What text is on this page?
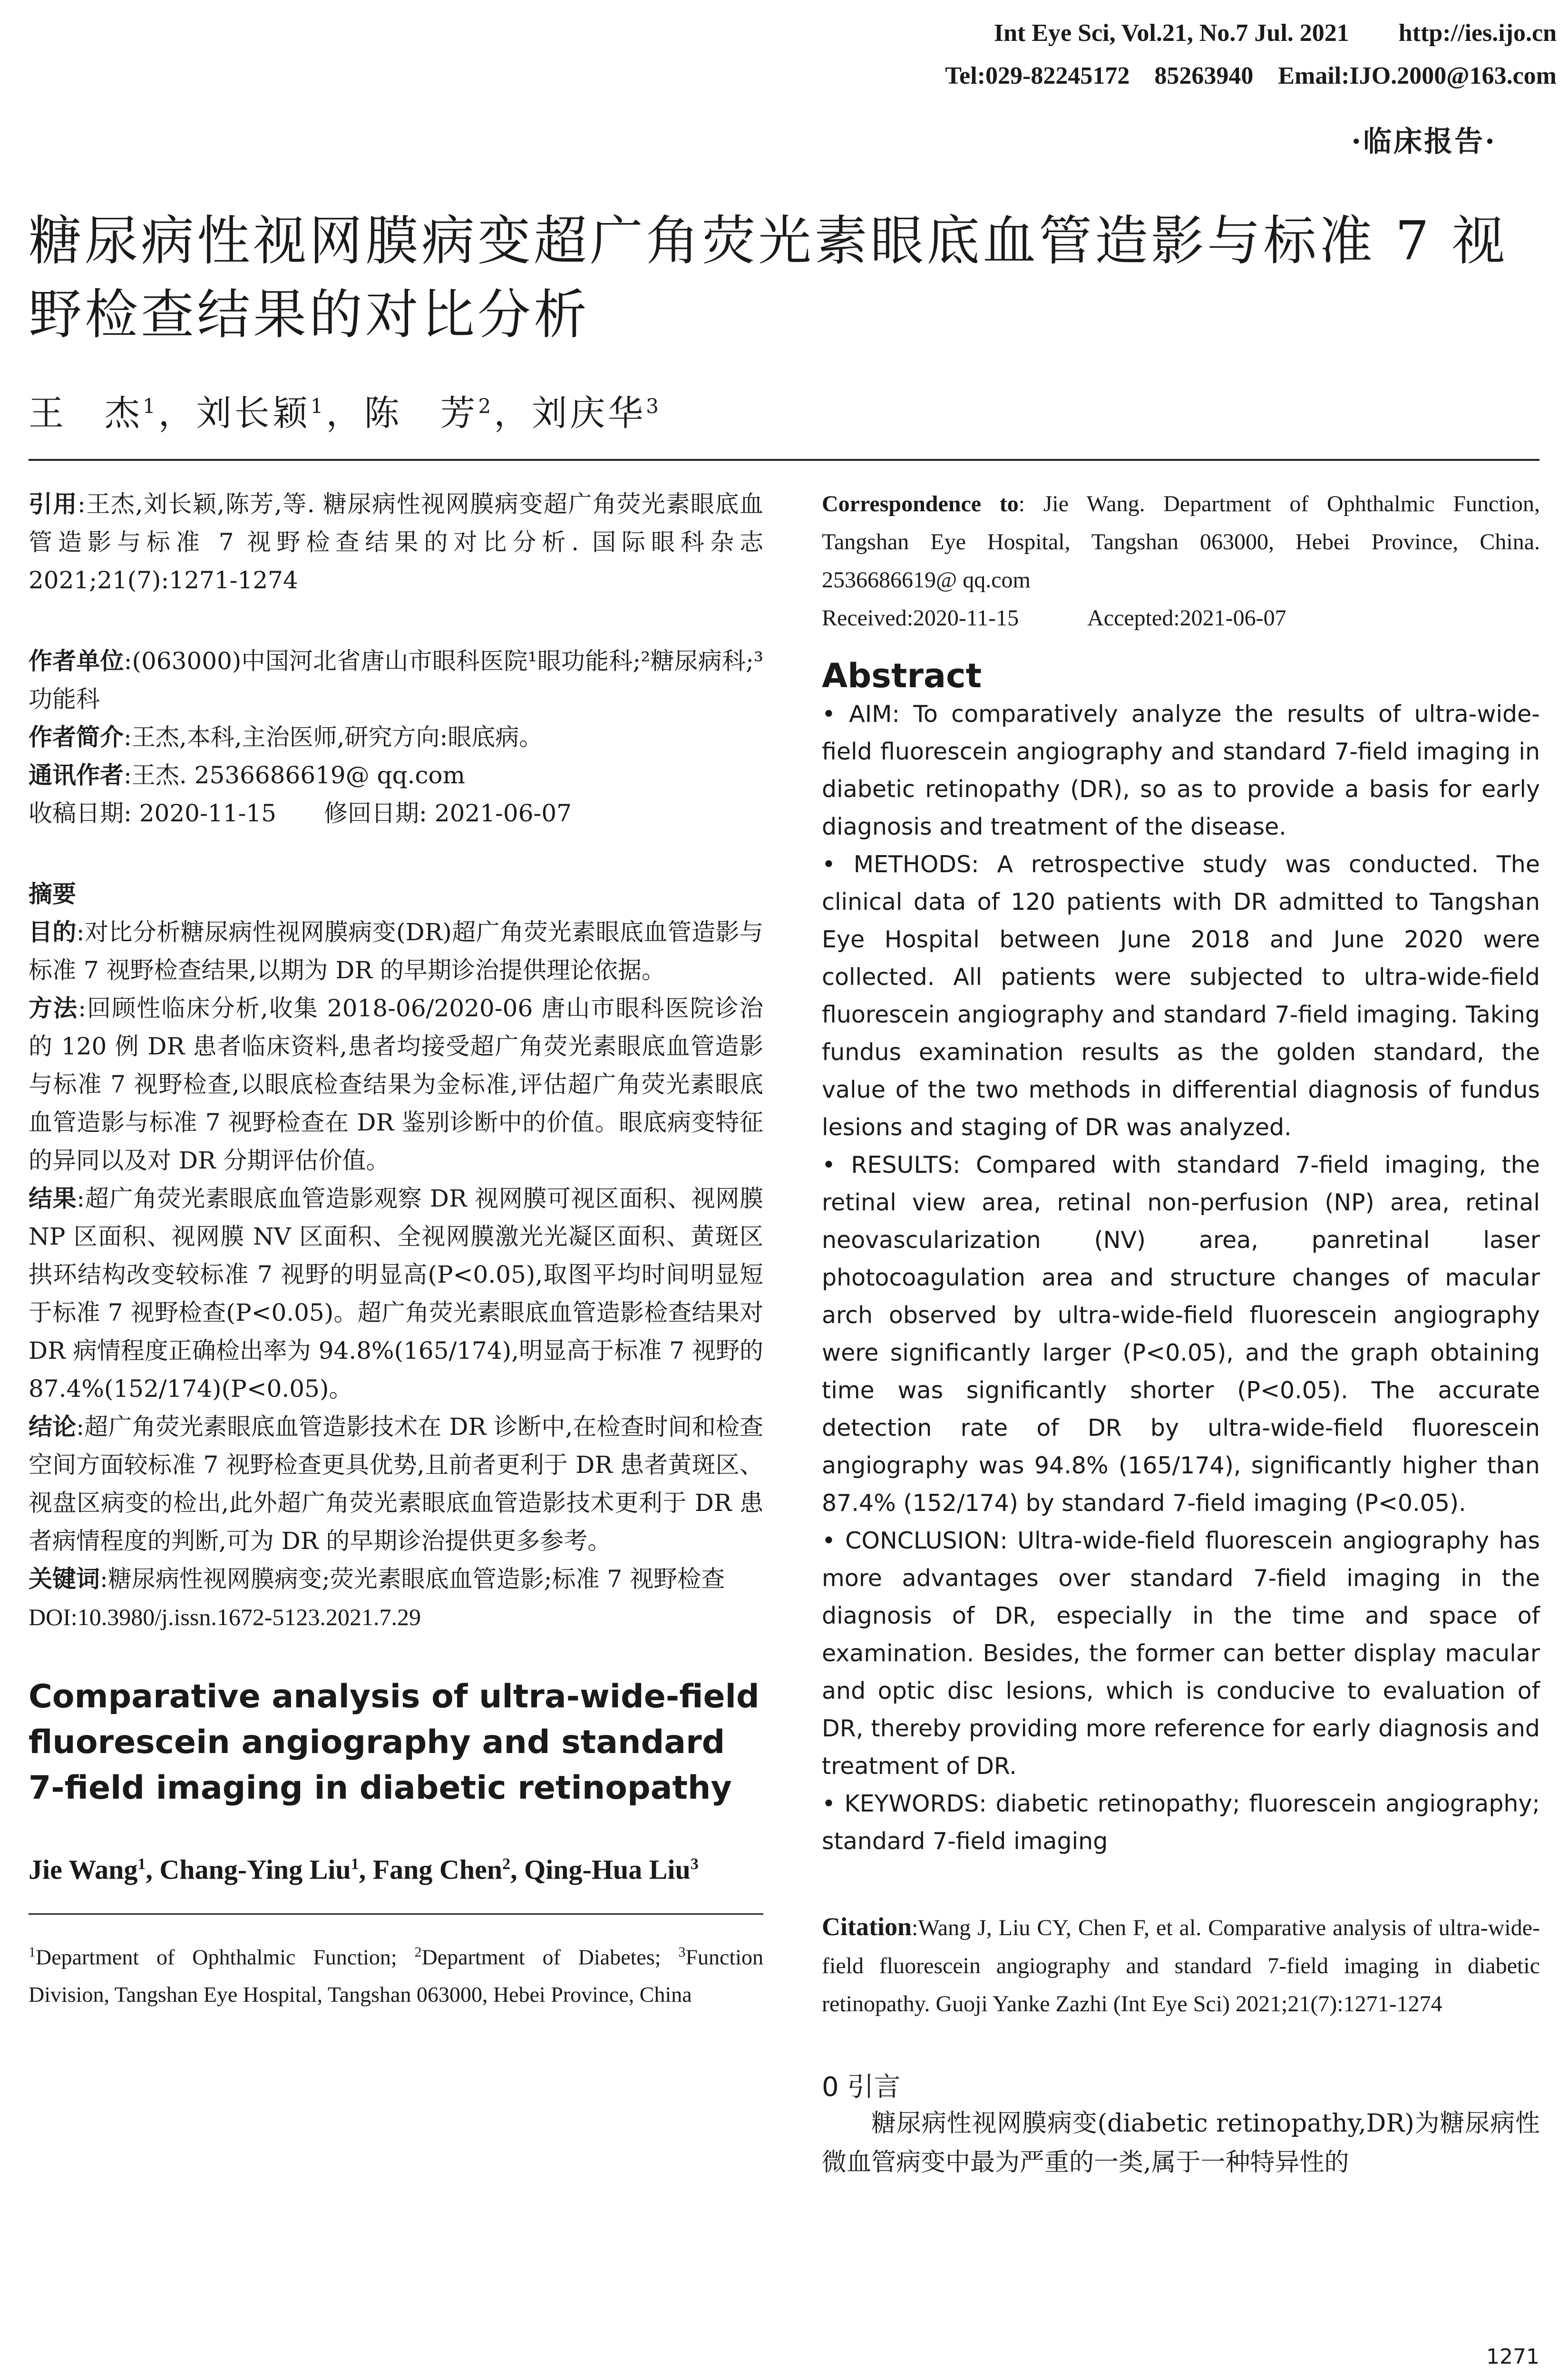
Int Eye Sci, Vol.21, No.7 Jul. 2021        http://ies.ijo.cn
Tel:029-82245172    85263940    Email:IJO.2000@163.com
·临床报告·
糖尿病性视网膜病变超广角荧光素眼底血管造影与标准 7 视野检查结果的对比分析
王　杰$^1$，刘长颖$^1$，陈　芳$^2$，刘庆华$^3$

引用:王杰,刘长颖,陈芳,等. 糖尿病性视网膜病变超广角荧光素眼底血管造影与标准 7 视野检查结果的对比分析. 国际眼科杂志 2021;21(7):1271-1274

作者单位:(063000)中国河北省唐山市眼科医院¹眼功能科;²糖尿病科;³功能科

作者简介:王杰,本科,主治医师,研究方向:眼底病。

通讯作者:王杰. 2536686619@ qq.com

收稿日期: 2020-11-15　　修回日期: 2021-06-07

摘要

目的:对比分析糖尿病性视网膜病变(DR)超广角荧光素眼底血管造影与标准 7 视野检查结果,以期为 DR 的早期诊治提供理论依据。

方法:回顾性临床分析,收集 2018-06/2020-06 唐山市眼科医院诊治的 120 例 DR 患者临床资料,患者均接受超广角荧光素眼底血管造影与标准 7 视野检查,以眼底检查结果为金标准,评估超广角荧光素眼底血管造影与标准 7 视野检查在 DR 鉴别诊断中的价值。眼底病变特征的异同以及对 DR 分期评估价值。

结果:超广角荧光素眼底血管造影观察 DR 视网膜可视区面积、视网膜 NP 区面积、视网膜 NV 区面积、全视网膜激光光凝区面积、黄斑区拱环结构改变较标准 7 视野的明显高(P<0.05),取图平均时间明显短于标准 7 视野检查(P<0.05)。超广角荧光素眼底血管造影检查结果对 DR 病情程度正确检出率为 94.8%(165/174),明显高于标准 7 视野的 87.4%(152/174)(P<0.05)。

结论:超广角荧光素眼底血管造影技术在 DR 诊断中,在检查时间和检查空间方面较标准 7 视野检查更具优势,且前者更利于 DR 患者黄斑区、视盘区病变的检出,此外超广角荧光素眼底血管造影技术更利于 DR 患者病情程度的判断,可为 DR 的早期诊治提供更多参考。

关键词:糖尿病性视网膜病变;荧光素眼底血管造影;标准 7 视野检查

DOI:10.3980/j.issn.1672-5123.2021.7.29

Comparative analysis of ultra-wide-field fluorescein angiography and standard 7-field imaging in diabetic retinopathy

Jie Wang$^1$, Chang-Ying Liu$^1$, Fang Chen$^2$, Qing-Hua Liu$^3$

$^1$Department of Ophthalmic Function; $^2$Department of Diabetes; $^3$Function Division, Tangshan Eye Hospital, Tangshan 063000, Hebei Province, China

Correspondence to: Jie Wang. Department of Ophthalmic Function, Tangshan Eye Hospital, Tangshan 063000, Hebei Province, China. 2536686619@ qq.com

Received:2020-11-15　　　Accepted:2021-06-07

Abstract

• AIM: To comparatively analyze the results of ultra-wide-field fluorescein angiography and standard 7-field imaging in diabetic retinopathy (DR), so as to provide a basis for early diagnosis and treatment of the disease.

• METHODS: A retrospective study was conducted. The clinical data of 120 patients with DR admitted to Tangshan Eye Hospital between June 2018 and June 2020 were collected. All patients were subjected to ultra-wide-field fluorescein angiography and standard 7-field imaging. Taking fundus examination results as the golden standard, the value of the two methods in differential diagnosis of fundus lesions and staging of DR was analyzed.

• RESULTS: Compared with standard 7-field imaging, the retinal view area, retinal non-perfusion (NP) area, retinal neovascularization (NV) area, panretinal laser photocoagulation area and structure changes of macular arch observed by ultra-wide-field fluorescein angiography were significantly larger (P<0.05), and the graph obtaining time was significantly shorter (P<0.05). The accurate detection rate of DR by ultra-wide-field fluorescein angiography was 94.8% (165/174), significantly higher than 87.4% (152/174) by standard 7-field imaging (P<0.05).

• CONCLUSION: Ultra-wide-field fluorescein angiography has more advantages over standard 7-field imaging in the diagnosis of DR, especially in the time and space of examination. Besides, the former can better display macular and optic disc lesions, which is conducive to evaluation of DR, thereby providing more reference for early diagnosis and treatment of DR.

• KEYWORDS: diabetic retinopathy; fluorescein angiography; standard 7-field imaging

Citation:Wang J, Liu CY, Chen F, et al. Comparative analysis of ultra-wide-field fluorescein angiography and standard 7-field imaging in diabetic retinopathy. Guoji Yanke Zazhi (Int Eye Sci) 2021;21(7):1271-1274

0 引言

糖尿病性视网膜病变(diabetic retinopathy,DR)为糖尿病性微血管病变中最为严重的一类,属于一种特异性的

1271
